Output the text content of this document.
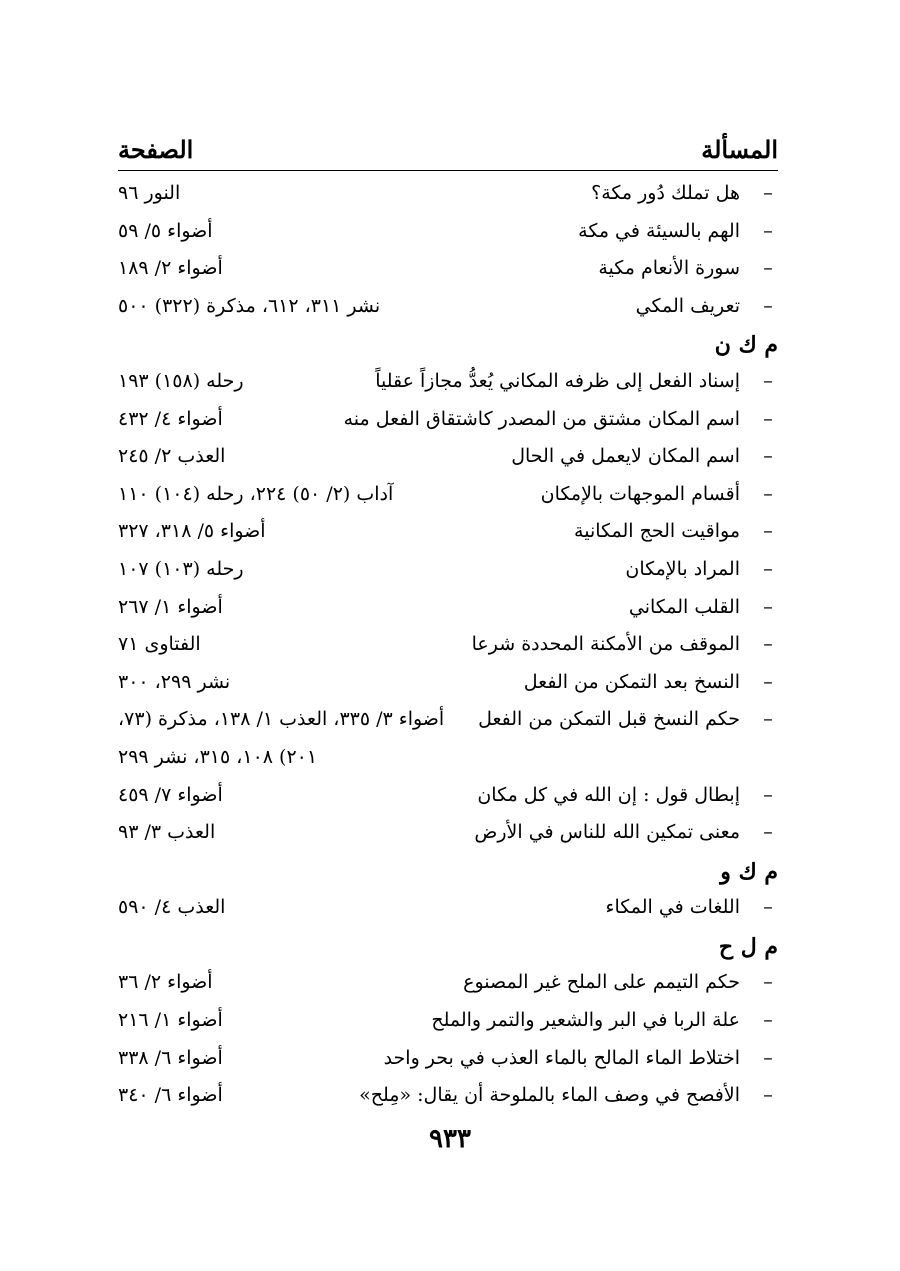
المسألة
الصفحة
–
هل تملك دُور مكة؟
النور ٩٦
–
الهم بالسيئة في مكة
أضواء ٥/ ٥٩
–
سورة الأنعام مكية
أضواء ٢/ ١٨٩
–
تعريف المكي
نشر ٣١١، ٦١٢، مذكرة (٣٢٢) ٥٠٠
م ك ن
–
إسناد الفعل إلى ظرفه المكاني يُعدُّ مجازاً عقلياً
رحله (١٥٨) ١٩٣
–
اسم المكان مشتق من المصدر كاشتقاق الفعل منه
أضواء ٤/ ٤٣٢
–
اسم المكان لايعمل في الحال
العذب ٢/ ٢٤٥
–
أقسام الموجهات بالإمكان
آداب (٢/ ٥٠) ٢٢٤، رحله (١٠٤) ١١٠
–
مواقيت الحج المكانية
أضواء ٥/ ٣١٨، ٣٢٧
–
المراد بالإمكان
رحله (١٠٣) ١٠٧
–
القلب المكاني
أضواء ١/ ٢٦٧
–
الموقف من الأمكنة المحددة شرعا
الفتاوى ٧١
–
النسخ بعد التمكن من الفعل
نشر ٢٩٩، ٣٠٠
–
حكم النسخ قبل التمكن من الفعل
أضواء ٣/ ٣٣٥، العذب ١/ ١٣٨، مذكرة (٧٣،
٢٠١) ١٠٨، ٣١٥، نشر ٢٩٩
–
إبطال قول : إن الله في كل مكان
أضواء ٧/ ٤٥٩
–
معنى تمكين الله للناس في الأرض
العذب ٣/ ٩٣
م ك و
–
اللغات في المكاء
العذب ٤/ ٥٩٠
م ل ح
–
حكم التيمم على الملح غير المصنوع
أضواء ٢/ ٣٦
–
علة الربا في البر والشعير والتمر والملح
أضواء ١/ ٢١٦
–
اختلاط الماء المالح بالماء العذب في بحر واحد
أضواء ٦/ ٣٣٨
–
الأفصح في وصف الماء بالملوحة أن يقال: «مِلح»
أضواء ٦/ ٣٤٠
٩٣٣
